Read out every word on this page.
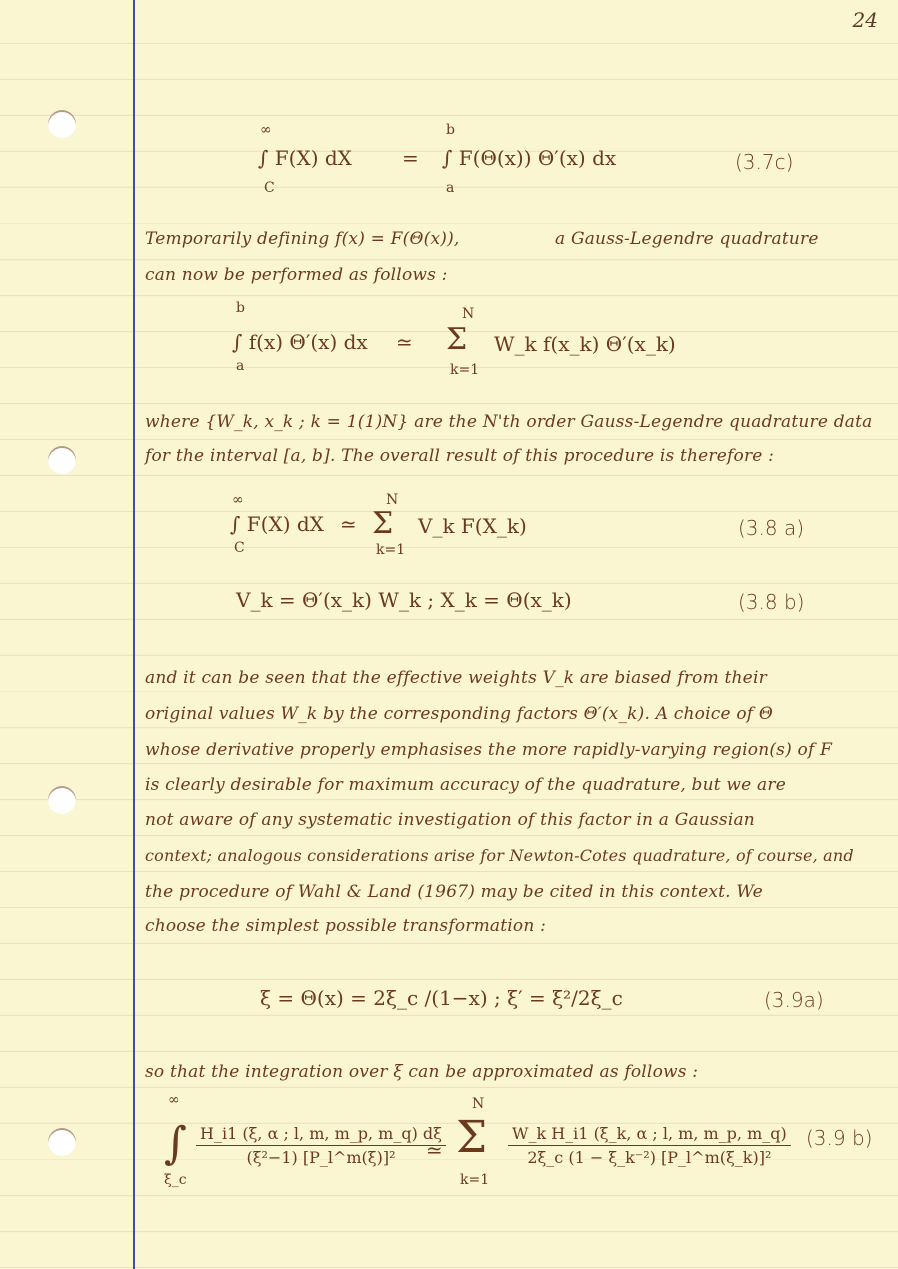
24
∞
C
∫ F(X) dX	=
b
a
∫ F(Θ(x)) Θ′(x) dx	(3.7c)
Temporarily defining f(x) = F(Θ(x)),	a Gauss-Legendre quadrature
can now be performed as follows :
b
a
∫ f(x) Θ′(x) dx ≃
N
Σ
k=1
W_k f(x_k) Θ′(x_k)
where {W_k, x_k ; k = 1(1)N} are the N'th order Gauss-Legendre quadrature data
for the interval [a, b]. The overall result of this procedure is therefore :
∞
C
∫ F(X) dX ≃
N
Σ
k=1
V_k F(X_k)	(3.8 a)
V_k = Θ′(x_k) W_k ; X_k = Θ(x_k)	(3.8 b)
and it can be seen that the effective weights V_k are biased from their
original values W_k by the corresponding factors Θ′(x_k). A choice of Θ
whose derivative properly emphasises the more rapidly-varying region(s) of F
is clearly desirable for maximum accuracy of the quadrature, but we are
not aware of any systematic investigation of this factor in a Gaussian
context; analogous considerations arise for Newton-Cotes quadrature, of course, and
the procedure of Wahl & Land (1967) may be cited in this context. We
choose the simplest possible transformation :
ξ = Θ(x) = 2ξ_c /(1−x) ; ξ′ = ξ²/2ξ_c	(3.9a)
so that the integration over ξ can be approximated as follows :
∞
∫
ξ_c
$\frac{H\_i1 (\xi, \alpha ; l, m, m\_p, m\_q) d\xi}{\text{(ξ²−1) [P\_l\textasciicircum{}m(ξ)]²}}$
≃
N
Σ
k=1
$\frac{\text{W\_k H\_i1 (ξ\_k, α ; l, m, m\_p, m\_q)}}{\text{2ξ\_c (1 − ξ\_k⁻²) [P\_l\textasciicircum{}m(ξ\_k)]²}} (3.9$ b)
